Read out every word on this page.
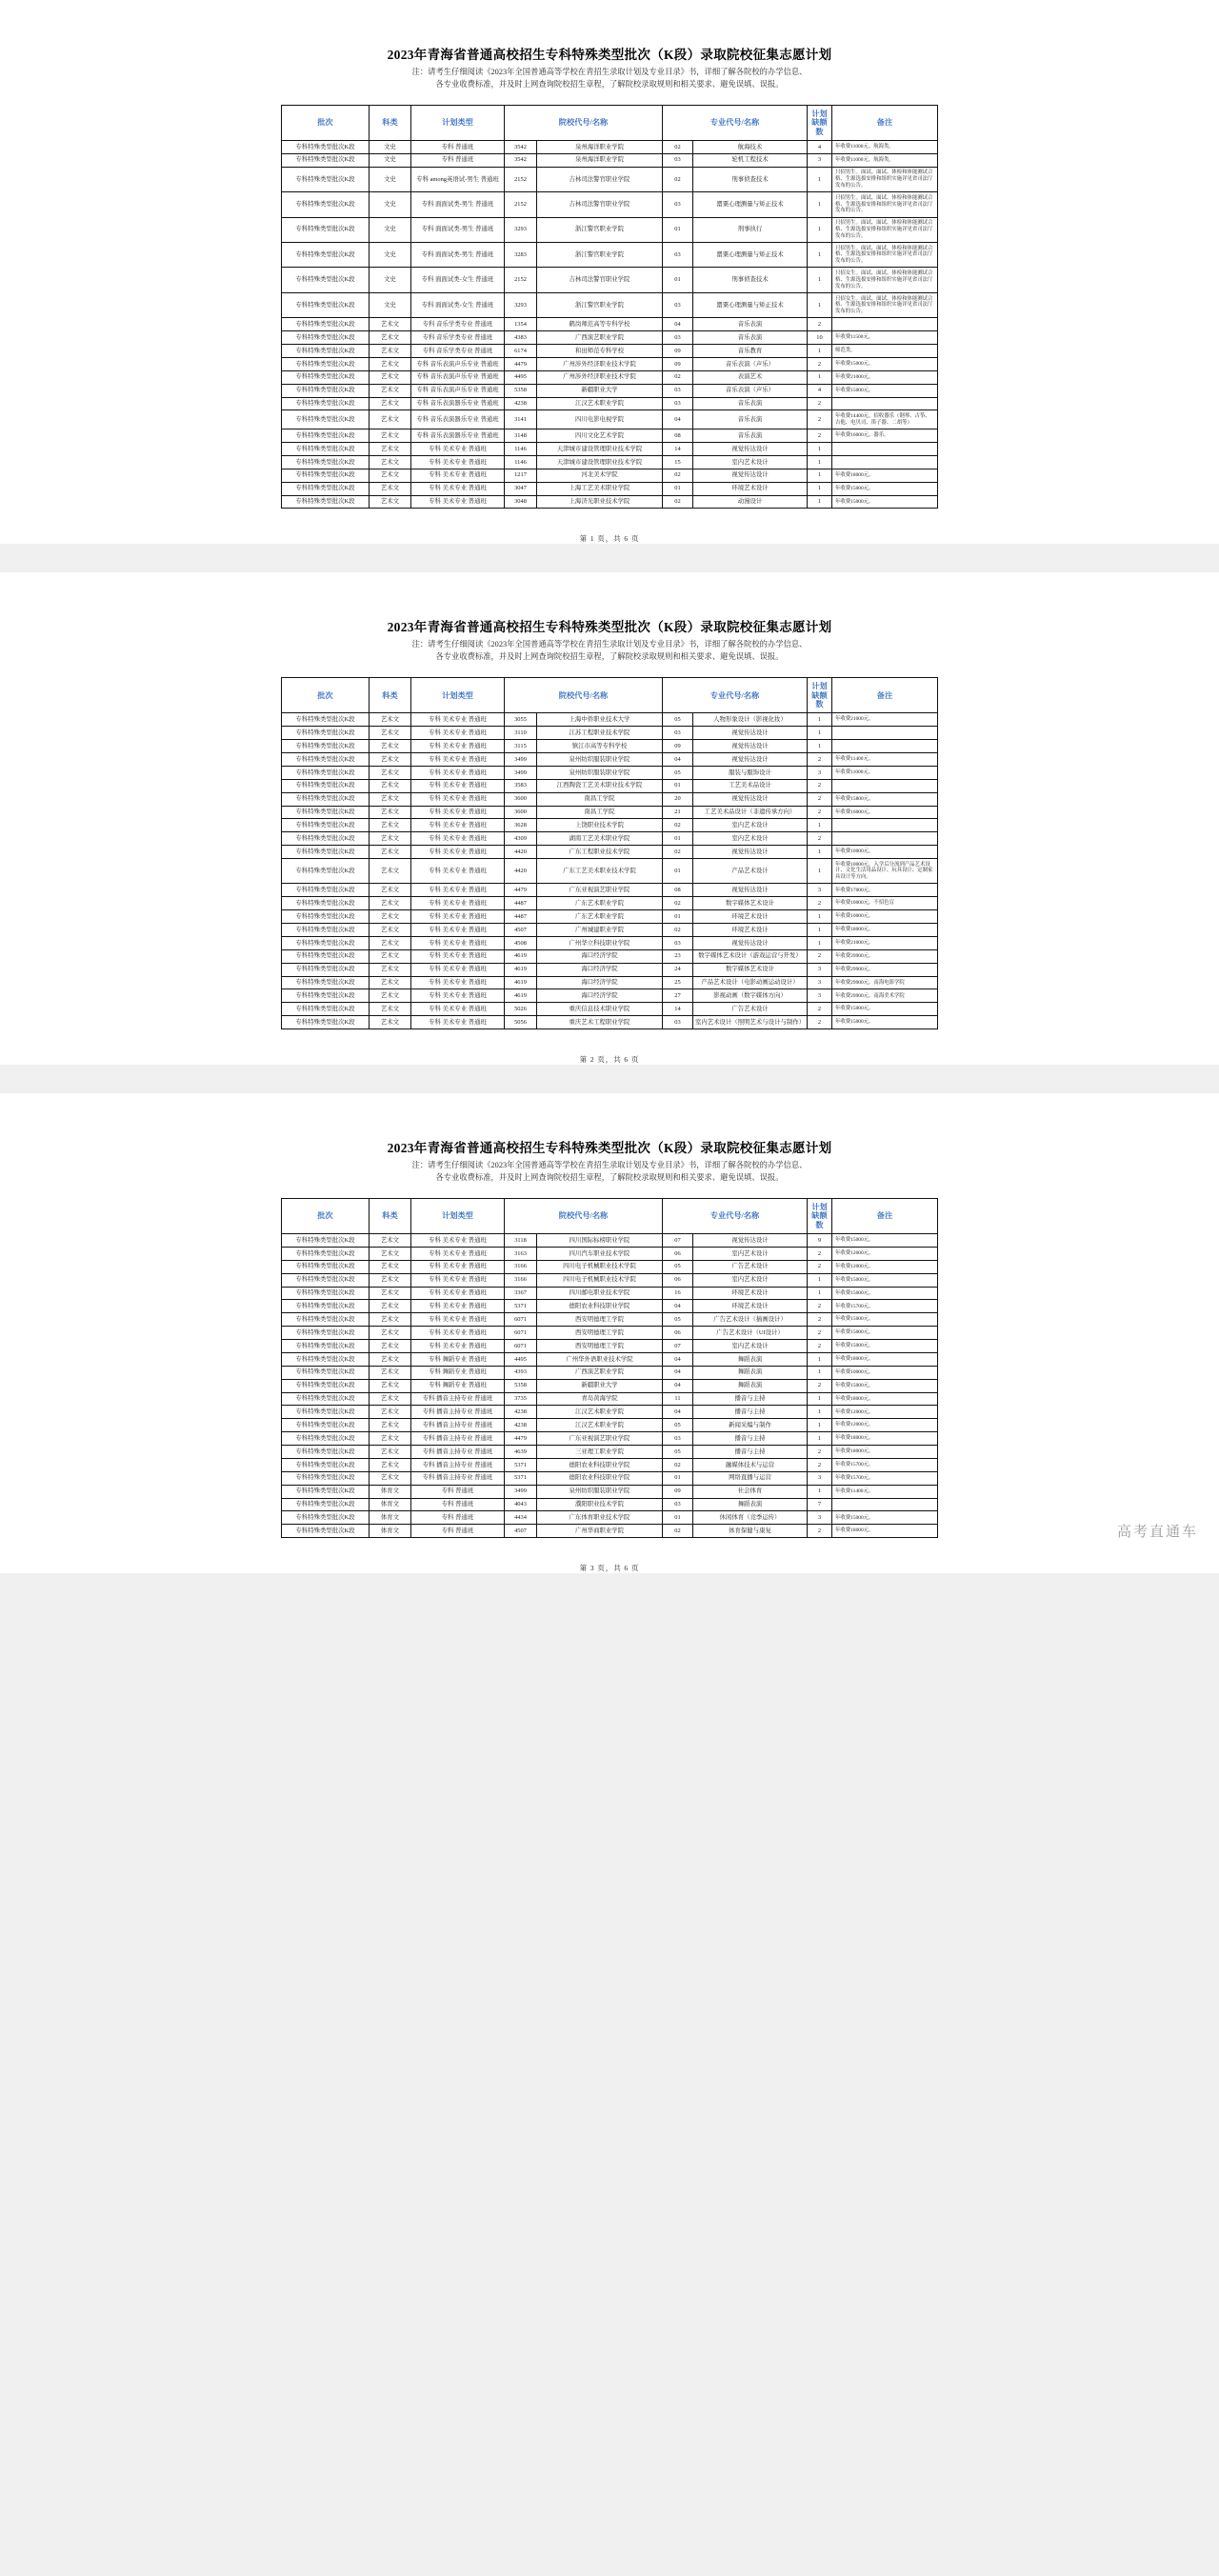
2023年青海省普通高校招生专科特殊类型批次（K段）录取院校征集志愿计划
注：请考生仔细阅读《2023年全国普通高等学校在青招生录取计划及专业目录》书，详细了解各院校的办学信息、
各专业收费标准，并及时上网查询院校招生章程，了解院校录取规则和相关要求、避免误填、误报。
批次	科类	计划类型	院校代号/名称		专业代号/名称		计划
缺额数	备注
专科特殊类型批次K段	文史	专科 普通班	3542	泉州海洋职业学院	02	航海技术	4	年收费11000元。航海类。
专科特殊类型批次K段	文史	专科 普通班	3542	泉州海洋职业学院	03	轮机工程技术	3	年收费11000元。航海类。
专科特殊类型批次K段	文史	专科 among英语试-男生 普通班	2152	吉林司法警官职业学院	02	刑事侦查技术	1	只招男生。面试、面试、体检和体能测试合格、生源选拔安排和组织实施详见省司法厅发布的公告。
专科特殊类型批次K段	文史	专科 面面试类-男生 普通班	2152	吉林司法警官职业学院	03	罂粟心理测量与矫正技术	1	只招男生。面试、面试、体检和体能测试合格、生源选拔安排和组织实施详见省司法厅发布的公告。
专科特殊类型批次K段	文史	专科 面面试类-男生 普通班	3293	浙江警官职业学院	01	刑事执行	1	只招男生。面试、面试、体检和体能测试合格、生源选拔安排和组织实施详见省司法厅发布的公告。
专科特殊类型批次K段	文史	专科 面面试类-男生 普通班	3283	浙江警官职业学院	03	罂粟心理测量与矫正技术	1	只招男生。面试、面试、体检和体能测试合格、生源选拔安排和组织实施详见省司法厅发布的公告。
专科特殊类型批次K段	文史	专科 面面试类-女生 普通班	2152	吉林司法警官职业学院	01	刑事侦查技术	1	只招女生。面试、面试、体检和体能测试合格、生源选拔安排和组织实施详见省司法厅发布的公告。
专科特殊类型批次K段	文史	专科 面面试类-女生 普通班	3293	浙江警官职业学院	03	罂粟心理测量与矫正技术	1	只招女生。面试、面试、体检和体能测试合格、生源选拔安排和组织实施详见省司法厅发布的公告。
专科特殊类型批次K段	艺术文	专科 音乐学类专业 普通班	1354	鹤岗师范高等专科学校	04	音乐表演	2	
专科特殊类型批次K段	艺术文	专科 音乐学类专业 普通班	4383	广西演艺职业学院	03	音乐表演	10	年收费11500元。
专科特殊类型批次K段	艺术文	专科 音乐学类专业 普通班	6174	和田师范专科学校	09	音乐教育	1	师范类。
专科特殊类型批次K段	艺术文	专科 音乐表演声乐专业 普通班	4479	广州涉外经济职业技术学院	09	音乐表演（声乐）	2	年收费15000元。
专科特殊类型批次K段	艺术文	专科 音乐表演声乐专业 普通班	4495	广州涉外经济职业技术学院	02	表演艺术	1	年收费21000元。
专科特殊类型批次K段	艺术文	专科 音乐表演声乐专业 普通班	5358	新疆职业大学	03	音乐表演（声乐）	4	年收费15000元。
专科特殊类型批次K段	艺术文	专科 音乐表演器乐专业 普通班	4238	江汉艺术职业学院	03	音乐表演	2	
专科特殊类型批次K段	艺术文	专科 音乐表演器乐专业 普通班	3141	四川电影电视学院	04	音乐表演	2	年收费14400元。招收器乐（钢琴、古筝、吉他、电贝司、笛子器、二胡等）
专科特殊类型批次K段	艺术文	专科 音乐表演器乐专业 普通班	3148	四川文化艺术学院	08	音乐表演	2	年收费16000元。器乐。
专科特殊类型批次K段	艺术文	专科 美术专业 普通班	1146	天津城市建设管理职业技术学院	14	视觉传达设计	1	
专科特殊类型批次K段	艺术文	专科 美术专业 普通班	1146	天津城市建设管理职业技术学院	15	室内艺术设计	1	
专科特殊类型批次K段	艺术文	专科 美术专业 普通班	1217	河北美术学院	02	视觉传达设计	1	年收费18000元。
专科特殊类型批次K段	艺术文	专科 美术专业 普通班	3047	上海工艺美术职业学院	01	环境艺术设计	1	年收费15000元。
专科特殊类型批次K段	艺术文	专科 美术专业 普通班	3048	上海济光职业技术学院	02	动漫设计	1	年收费15000元。
第 1 页，共 6 页
2023年青海省普通高校招生专科特殊类型批次（K段）录取院校征集志愿计划
注：请考生仔细阅读《2023年全国普通高等学校在青招生录取计划及专业目录》书，详细了解各院校的办学信息、
各专业收费标准，并及时上网查询院校招生章程，了解院校录取规则和相关要求、避免误填、误报。
批次	科类	计划类型	院校代号/名称		专业代号/名称		计划
缺额数	备注
专科特殊类型批次K段	艺术文	专科 美术专业 普通班	3055	上海中侨职业技术大学	05	人物形象设计（影视化妆）	1	年收费21000元。
专科特殊类型批次K段	艺术文	专科 美术专业 普通班	3110	江苏工程职业技术学院	03	视觉传达设计	1	
专科特殊类型批次K段	艺术文	专科 美术专业 普通班	3115	镇江市高等专科学校	09	视觉传达设计	1	
专科特殊类型批次K段	艺术文	专科 美术专业 普通班	3499	泉州纺织服装职业学院	04	视觉传达设计	2	年收费11400元。
专科特殊类型批次K段	艺术文	专科 美术专业 普通班	3499	泉州纺织服装职业学院	05	服装与服饰设计	3	年收费11000元。
专科特殊类型批次K段	艺术文	专科 美术专业 普通班	3583	江西陶瓷工艺美术职业技术学院	01	工艺美术品设计	2	
专科特殊类型批次K段	艺术文	专科 美术专业 普通班	3600	南昌工学院	20	视觉传达设计	2	年收费15800元。
专科特殊类型批次K段	艺术文	专科 美术专业 普通班	3600	南昌工学院	21	工艺美术品设计（非遗传承方向）	2	年收费16000元。
专科特殊类型批次K段	艺术文	专科 美术专业 普通班	3628	上饶职业技术学院	02	室内艺术设计	1	
专科特殊类型批次K段	艺术文	专科 美术专业 普通班	4309	湖南工艺美术职业学院	01	室内艺术设计	2	
专科特殊类型批次K段	艺术文	专科 美术专业 普通班	4420	广东工程职业技术学院	02	视觉传达设计	1	年收费10000元。
专科特殊类型批次K段	艺术文	专科 美术专业 普通班	4420	广东工艺美术职业技术学院	01	产品艺术设计	1	年收费10000元。入学后分流到产品艺术设计、文化生活用品设计、玩具设计、定制家具设计等方向。
专科特殊类型批次K段	艺术文	专科 美术专业 普通班	4479	广东亚视演艺职业学院	08	视觉传达设计	3	年收费17000元。
专科特殊类型批次K段	艺术文	专科 美术专业 普通班	4487	广东艺术职业学院	02	数字媒体艺术设计	2	年收费10000元。不招色盲
专科特殊类型批次K段	艺术文	专科 美术专业 普通班	4487	广东艺术职业学院	01	环境艺术设计	1	年收费10000元。
专科特殊类型批次K段	艺术文	专科 美术专业 普通班	4507	广州城建职业学院	02	环境艺术设计	1	年收费18000元。
专科特殊类型批次K段	艺术文	专科 美术专业 普通班	4508	广州华立科技职业学院	03	视觉传达设计	1	年收费21000元。
专科特殊类型批次K段	艺术文	专科 美术专业 普通班	4619	海口经济学院	23	数字媒体艺术设计（游戏运营与开发）	2	年收费29900元。
专科特殊类型批次K段	艺术文	专科 美术专业 普通班	4619	海口经济学院	24	数字媒体艺术设计	3	年收费29900元。
专科特殊类型批次K段	艺术文	专科 美术专业 普通班	4619	海口经济学院	25	产品艺术设计（电影动画运动设计）	3	年收费29900元。南海电影学院
专科特殊类型批次K段	艺术文	专科 美术专业 普通班	4619	海口经济学院	27	影视动画（数字媒体方向）	3	年收费29900元。南海美术学院
专科特殊类型批次K段	艺术文	专科 美术专业 普通班	5026	重庆信息技术职业学院	14	广告艺术设计	2	年收费15000元。
专科特殊类型批次K段	艺术文	专科 美术专业 普通班	5056	重庆艺术工程职业学院	03	室内艺术设计（照明艺术与设计与制作）	2	年收费15000元。
第 2 页，共 6 页
2023年青海省普通高校招生专科特殊类型批次（K段）录取院校征集志愿计划
注：请考生仔细阅读《2023年全国普通高等学校在青招生录取计划及专业目录》书，详细了解各院校的办学信息、
各专业收费标准，并及时上网查询院校招生章程，了解院校录取规则和相关要求、避免误填、误报。
批次	科类	计划类型	院校代号/名称		专业代号/名称		计划
缺额数	备注
专科特殊类型批次K段	艺术文	专科 美术专业 普通班	3118	四川国际标榜职业学院	07	视觉传达设计	9	年收费15000元。
专科特殊类型批次K段	艺术文	专科 美术专业 普通班	3163	四川汽车职业技术学院	06	室内艺术设计	2	年收费12000元。
专科特殊类型批次K段	艺术文	专科 美术专业 普通班	3166	四川电子机械职业技术学院	05	广告艺术设计	2	年收费12000元。
专科特殊类型批次K段	艺术文	专科 美术专业 普通班	3166	四川电子机械职业技术学院	06	室内艺术设计	1	年收费15000元。
专科特殊类型批次K段	艺术文	专科 美术专业 普通班	3367	四川邮电职业技术学院	16	环境艺术设计	1	年收费15000元。
专科特殊类型批次K段	艺术文	专科 美术专业 普通班	5371	德阳农业科技职业学院	04	环境艺术设计	2	年收费15700元。
专科特殊类型批次K段	艺术文	专科 美术专业 普通班	6071	西安明德理工学院	05	广告艺术设计（插画设计）	2	年收费15000元。
专科特殊类型批次K段	艺术文	专科 美术专业 普通班	6071	西安明德理工学院	06	广告艺术设计（UI设计）	2	年收费15000元。
专科特殊类型批次K段	艺术文	专科 美术专业 普通班	6071	西安明德理工学院	07	室内艺术设计	2	年收费15000元。
专科特殊类型批次K段	艺术文	专科 舞蹈专业 普通班	4495	广州华外语职业技术学院	04	舞蹈表演	1	年收费18000元。
专科特殊类型批次K段	艺术文	专科 舞蹈专业 普通班	4393	广西演艺职业学院	04	舞蹈表演	1	年收费10000元。
专科特殊类型批次K段	艺术文	专科 舞蹈专业 普通班	5358	新疆职业大学	04	舞蹈表演	2	年收费15000元。
专科特殊类型批次K段	艺术文	专科 播音主持专业 普通班	3735	青岛黄海学院	11	播音与主持	1	年收费18000元。
专科特殊类型批次K段	艺术文	专科 播音主持专业 普通班	4238	江汉艺术职业学院	04	播音与主持	1	年收费12000元。
专科特殊类型批次K段	艺术文	专科 播音主持专业 普通班	4238	江汉艺术职业学院	05	新闻采编与制作	1	年收费12000元。
专科特殊类型批次K段	艺术文	专科 播音主持专业 普通班	4479	广东亚视演艺职业学院	03	播音与主持	1	年收费18000元。
专科特殊类型批次K段	艺术文	专科 播音主持专业 普通班	4639	三亚理工职业学院	05	播音与主持	2	年收费18000元。
专科特殊类型批次K段	艺术文	专科 播音主持专业 普通班	5371	德阳农业科技职业学院	02	融媒体技术与运营	2	年收费15700元。
专科特殊类型批次K段	艺术文	专科 播音主持专业 普通班	5371	德阳农业科技职业学院	01	网络直播与运营	3	年收费15700元。
专科特殊类型批次K段	体育文	专科 普通班	3499	泉州纺织服装职业学院	09	社会体育	1	年收费11400元。
专科特殊类型批次K段	体育文	专科 普通班	4043	濮阳职业技术学院	03	舞蹈表演	7	
专科特殊类型批次K段	体育文	专科 普通班	4434	广东体育职业技术学院	01	休闲体育（竞季运传）	3	年收费15000元。
专科特殊类型批次K段	体育文	专科 普通班	4507	广州华商职业学院	02	体育保健与康复	2	年收费18000元。
第 3 页，共 6 页
高考直通车
